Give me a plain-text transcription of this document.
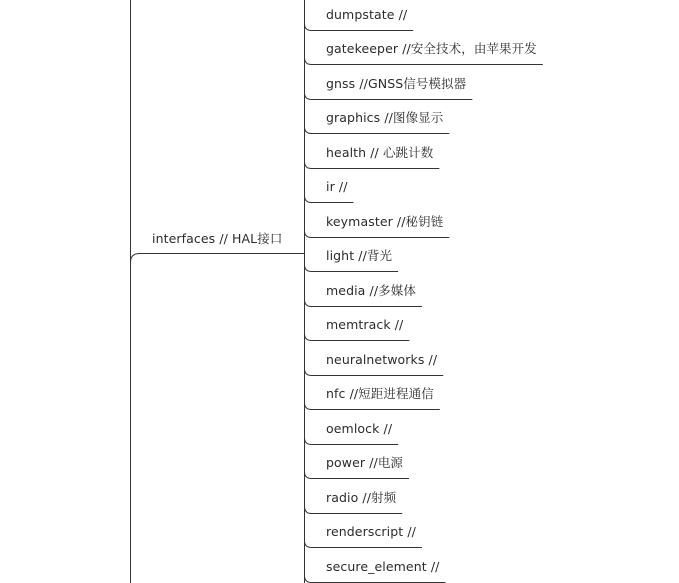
interfaces // HAL接口
dumpstate //
gatekeeper //安全技术，由苹果开发
gnss //GNSS信号模拟器
graphics //图像显示
health // 心跳计数
ir //
keymaster //秘钥链
light //背光
media //多媒体
memtrack //
neuralnetworks //
nfc //短距进程通信
oemlock //
power //电源
radio //射频
renderscript //
secure_element //
